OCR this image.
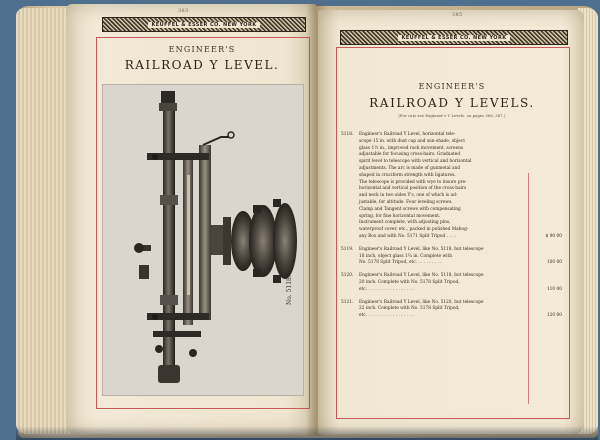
383
KEUFFEL & ESSER CO. NEW YORK
ENGINEER'S
RAILROAD Y LEVEL.
No. 5118.
385
KEUFFEL & ESSER CO. NEW YORK
ENGINEER'S
RAILROAD Y LEVELS.
(For cuts see Engineer's Y Levels, on pages 386, 387.)
5118. Engineer's Railroad Y Level, horizontal tele-
scope 15 in. with dust cap and sun-shade, object
glass 1½ in., improved rack movement, screens
adjustable for focusing cross-hairs. Graduated
spirit level to telescope with vertical and horizontal
adjustments. The arc is made of gunmetal and
shaped in cruciform strength with ligatures.
The telescope is provided with wye to insure pre-
horizontal and vertical position of the cross-hairs
and neck in two sides Y's, one of which is ad-
justable, for altitude. Four leveling screws.
Clamp and Tangent screws with compensating
spring, for fine horizontal movement.
Instrument complete, with adjusting pins,
waterproof cover, etc., packed in polished Mahog-
any Box and with No. 5171 Split Tripod . . . .	$ 90 00
5119. Engineer's Railroad Y Level, like No. 5118, but telescope
18 inch, object glass 1¼ in. Complete with
No. 5178 Split Tripod, etc. . . . . . . . . .	100 00
5120. Engineer's Railroad Y Level, like No. 5118, but telescope
20 inch. Complete with No. 5178 Split Tripod,
etc. . . . . . . . . . . . . . . . . .	110 00
5121. Engineer's Railroad Y Level, like No. 5120, but telescope
22 inch. Complete with No. 5178 Split Tripod,
etc. . . . . . . . . . . . . . . . . .	120 00
